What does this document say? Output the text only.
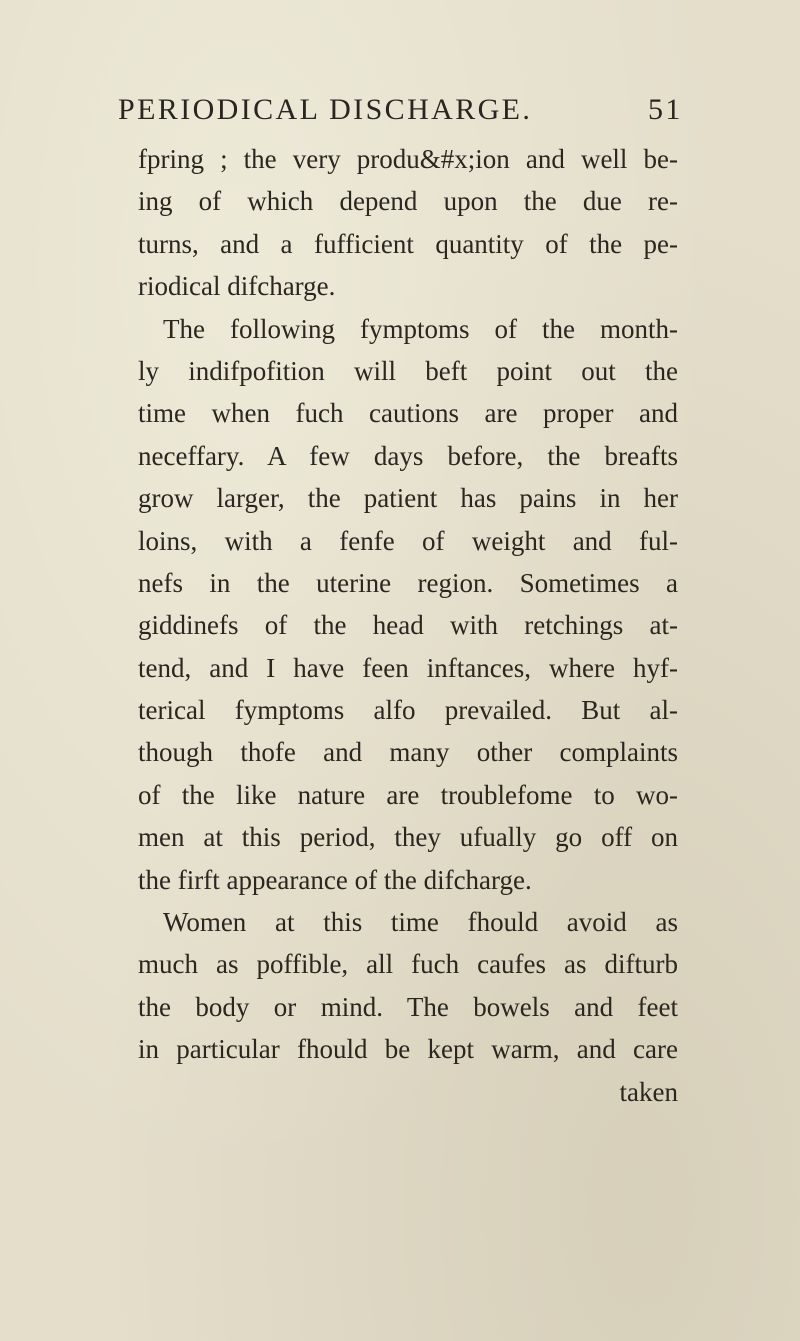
PERIODICAL DISCHARGE.	51
fpring ; the very produ&#x;ion and well be-
ing of which depend upon the due re-
turns, and a fufficient quantity of the pe-
riodical difcharge.
The following fymptoms of the month-
ly indifpofition will beft point out the
time when fuch cautions are proper and
neceffary. A few days before, the breafts
grow larger, the patient has pains in her
loins, with a fenfe of weight and ful-
nefs in the uterine region. Sometimes a
giddinefs of the head with retchings at-
tend, and I have feen inftances, where hyf-
terical fymptoms alfo prevailed. But al-
though thofe and many other complaints
of the like nature are troublefome to wo-
men at this period, they ufually go off on
the firft appearance of the difcharge.
Women at this time fhould avoid as
much as poffible, all fuch caufes as difturb
the body or mind. The bowels and feet
in particular fhould be kept warm, and care
taken
